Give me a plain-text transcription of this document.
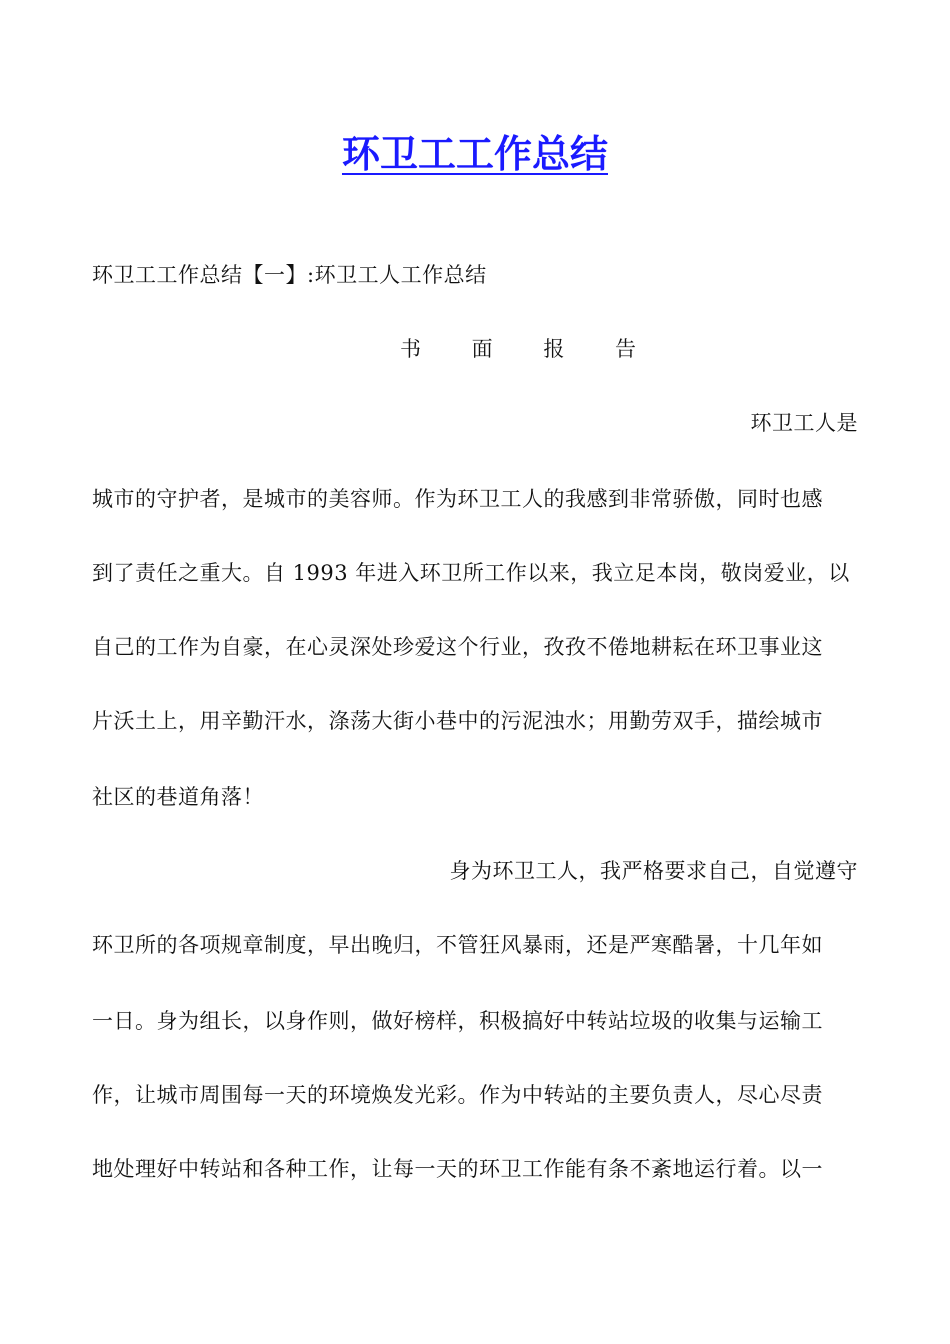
环卫工工作总结
环卫工工作总结【一】:环卫工人工作总结
书 面 报 告
环卫工人是
城市的守护者，是城市的美容师。作为环卫工人的我感到非常骄傲，同时也感
到了责任之重大。自 1993 年进入环卫所工作以来，我立足本岗，敬岗爱业，以
自己的工作为自豪，在心灵深处珍爱这个行业，孜孜不倦地耕耘在环卫事业这
片沃土上，用辛勤汗水，涤荡大街小巷中的污泥浊水；用勤劳双手，描绘城市
社区的巷道角落！
身为环卫工人，我严格要求自己，自觉遵守
环卫所的各项规章制度，早出晚归，不管狂风暴雨，还是严寒酷暑，十几年如
一日。身为组长，以身作则，做好榜样，积极搞好中转站垃圾的收集与运输工
作，让城市周围每一天的环境焕发光彩。作为中转站的主要负责人，尽心尽责
地处理好中转站和各种工作，让每一天的环卫工作能有条不紊地运行着。以一
